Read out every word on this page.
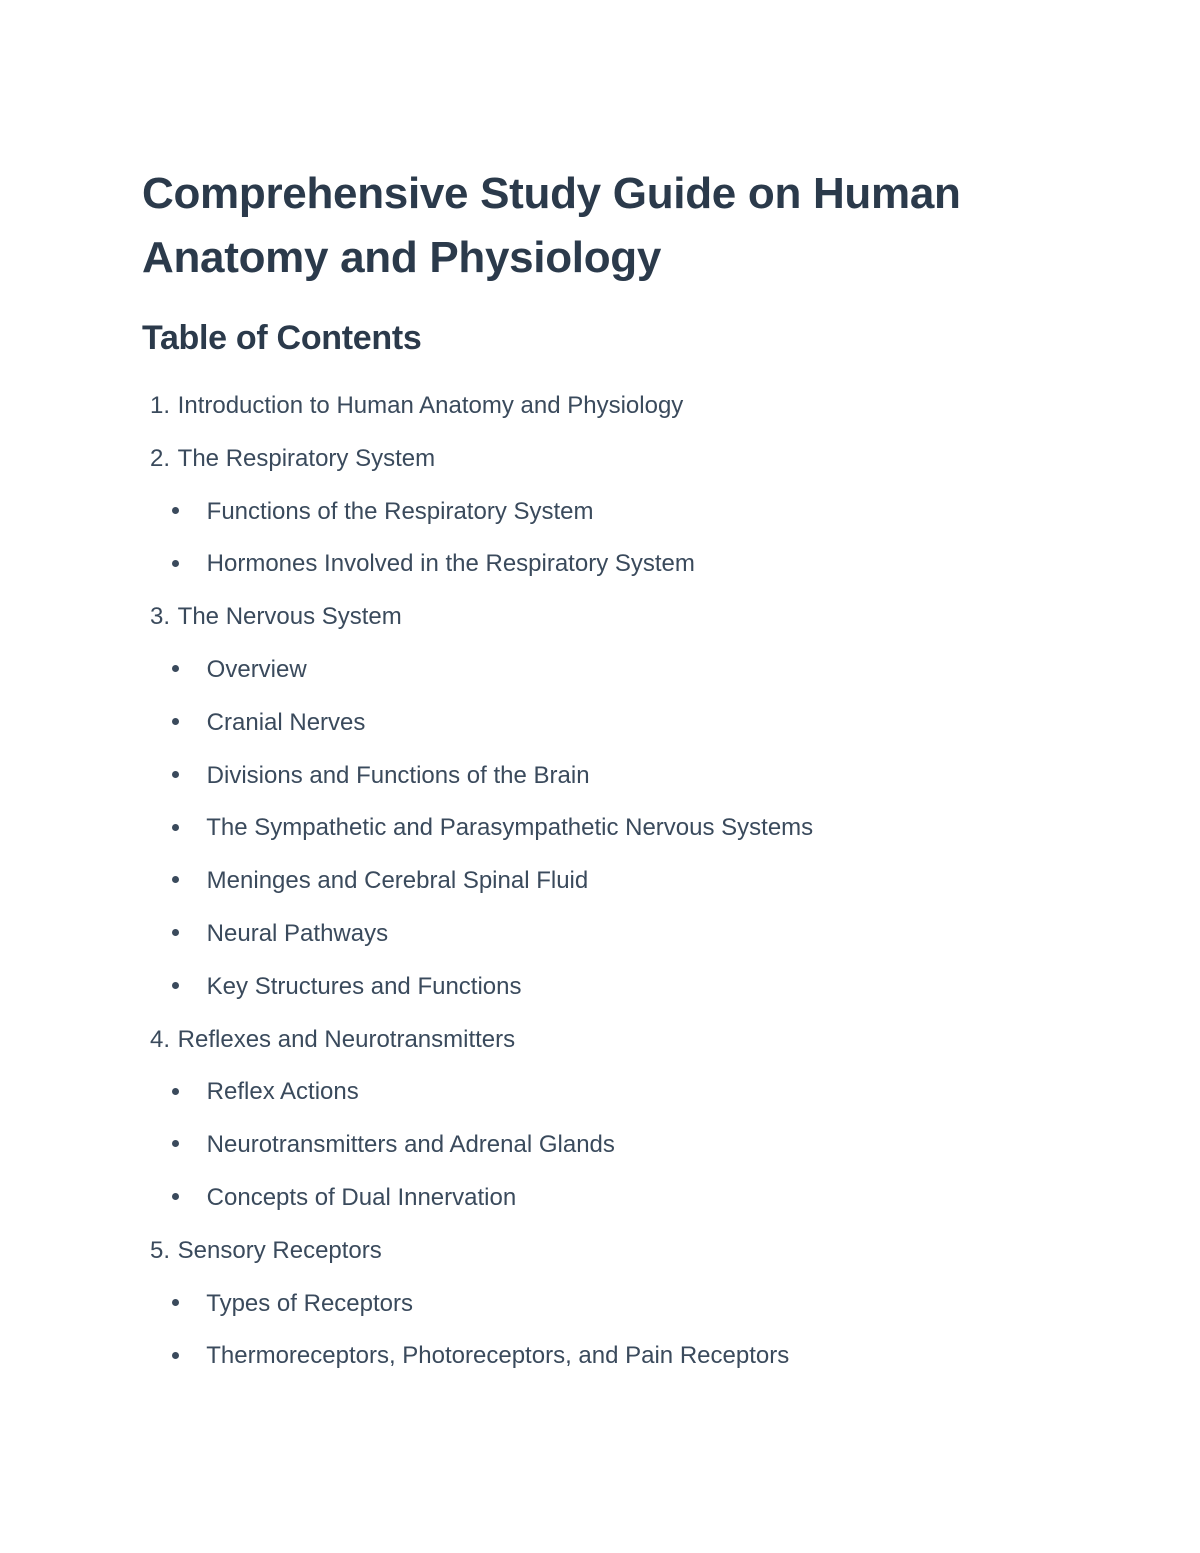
Comprehensive Study Guide on Human Anatomy and Physiology
Table of Contents
1. Introduction to Human Anatomy and Physiology
2. The Respiratory System
Functions of the Respiratory System
Hormones Involved in the Respiratory System
3. The Nervous System
Overview
Cranial Nerves
Divisions and Functions of the Brain
The Sympathetic and Parasympathetic Nervous Systems
Meninges and Cerebral Spinal Fluid
Neural Pathways
Key Structures and Functions
4. Reflexes and Neurotransmitters
Reflex Actions
Neurotransmitters and Adrenal Glands
Concepts of Dual Innervation
5. Sensory Receptors
Types of Receptors
Thermoreceptors, Photoreceptors, and Pain Receptors
